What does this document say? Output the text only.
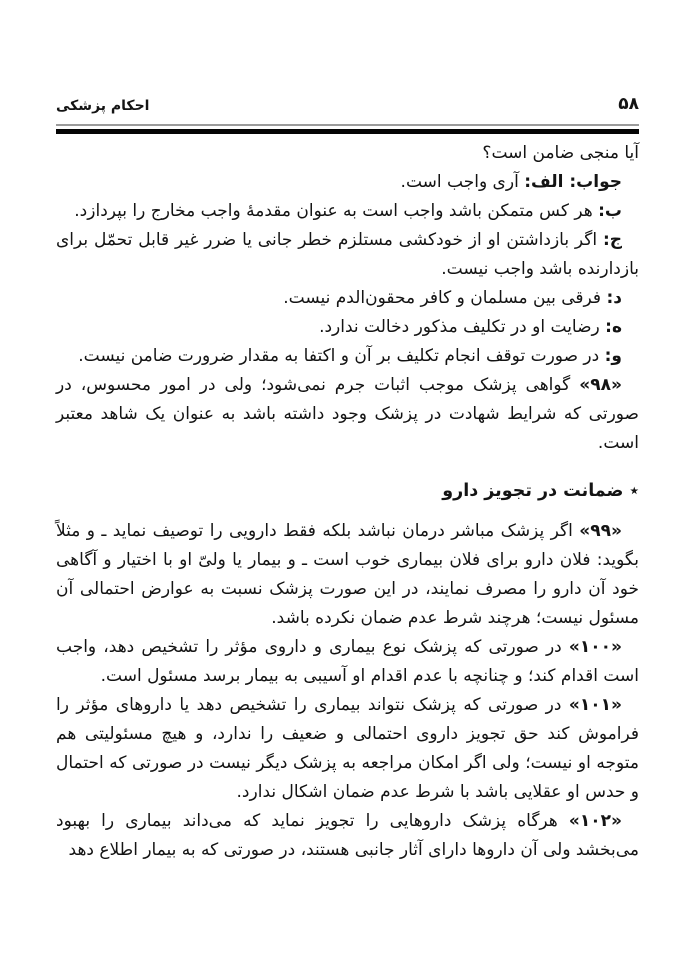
۵۸
احکام پزشکی

آیا منجی ضامن است؟

جواب: الف: آری واجب است.

ب: هر کس متمکن باشد واجب است به عنوان مقدمهٔ واجب مخارج را بپردازد.

ج: اگر بازداشتن او از خودکشی مستلزم خطر جانی یا ضرر غیر قابل تحمّل برای بازدارنده باشد واجب نیست.

د: فرقی بین مسلمان و کافر محقون‌الدم نیست.

ه: رضایت او در تکلیف مذکور دخالت ندارد.

و: در صورت توقف انجام تکلیف بر آن و اکتفا به مقدار ضرورت ضامن نیست.

«۹۸» گواهی پزشک موجب اثبات جرم نمی‌شود؛ ولی در امور محسوس، در صورتی که شرایط شهادت در پزشک وجود داشته باشد به عنوان یک شاهد معتبر است.

٭ضمانت در تجویز دارو

«۹۹» اگر پزشک مباشر درمان نباشد بلکه فقط دارویی را توصیف نماید ـ و مثلاً بگوید: فلان دارو برای فلان بیماری خوب است ـ و بیمار یا ولیّ او با اختیار و آگاهی خود آن دارو را مصرف نمایند، در این صورت پزشک نسبت به عوارض احتمالی آن مسئول نیست؛ هرچند شرط عدم ضمان نکرده باشد.

«۱۰۰» در صورتی که پزشک نوع بیماری و داروی مؤثر را تشخیص دهد، واجب است اقدام کند؛ و چنانچه با عدم اقدام او آسیبی به بیمار برسد مسئول است.

«۱۰۱» در صورتی که پزشک نتواند بیماری را تشخیص دهد یا داروهای مؤثر را فراموش کند حق تجویز داروی احتمالی و ضعیف را ندارد، و هیچ مسئولیتی هم متوجه او نیست؛ ولی اگر امکان مراجعه به پزشک دیگر نیست در صورتی که احتمال و حدس او عقلایی باشد با شرط عدم ضمان اشکال ندارد.

«۱۰۲» هرگاه پزشک داروهایی را تجویز نماید که می‌داند بیماری را بهبود می‌بخشد ولی آن داروها دارای آثار جانبی هستند، در صورتی که به بیمار اطلاع دهد
